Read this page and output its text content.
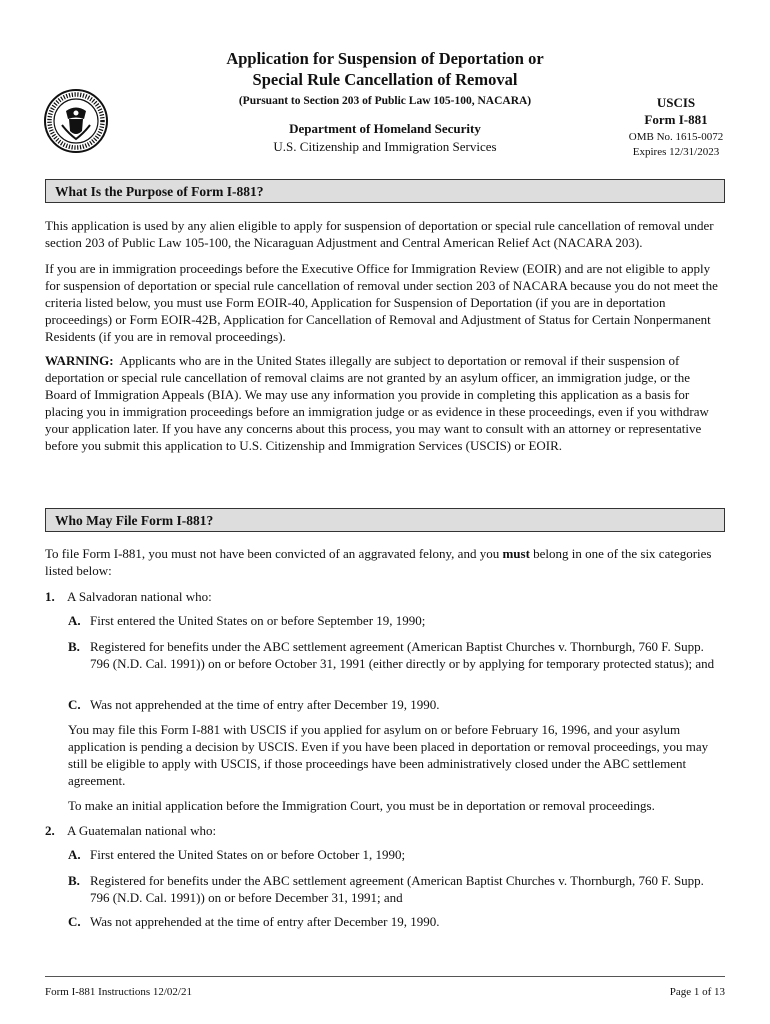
Application for Suspension of Deportation or
Special Rule Cancellation of Removal
(Pursuant to Section 203 of Public Law 105-100, NACARA)
Department of Homeland Security
U.S. Citizenship and Immigration Services
USCIS
Form I-881
OMB No. 1615-0072
Expires 12/31/2023
What Is the Purpose of Form I-881?

This application is used by any alien eligible to apply for suspension of deportation or special rule cancellation of removal under section 203 of Public Law 105-100, the Nicaraguan Adjustment and Central American Relief Act (NACARA 203).

If you are in immigration proceedings before the Executive Office for Immigration Review (EOIR) and are not eligible to apply for suspension of deportation or special rule cancellation of removal under section 203 of NACARA because you do not meet the criteria listed below, you must use Form EOIR-40, Application for Suspension of Deportation (if you are in deportation proceedings) or Form EOIR-42B, Application for Cancellation of Removal and Adjustment of Status for Certain Nonpermanent Residents (if you are in removal proceedings).

WARNING: Applicants who are in the United States illegally are subject to deportation or removal if their suspension of deportation or special rule cancellation of removal claims are not granted by an asylum officer, an immigration judge, or the Board of Immigration Appeals (BIA). We may use any information you provide in completing this application as a basis for placing you in immigration proceedings before an immigration judge or as evidence in these proceedings, even if you withdraw your application later. If you have any concerns about this process, you may want to consult with an attorney or representative before you submit this application to U.S. Citizenship and Immigration Services (USCIS) or EOIR.

Who May File Form I-881?

To file Form I-881, you must not have been convicted of an aggravated felony, and you must belong in one of the six categories listed below:

1. A Salvadoran national who:
A. First entered the United States on or before September 19, 1990;
B. Registered for benefits under the ABC settlement agreement (American Baptist Churches v. Thornburgh, 760 F. Supp. 796 (N.D. Cal. 1991)) on or before October 31, 1991 (either directly or by applying for temporary protected status); and
C. Was not apprehended at the time of entry after December 19, 1990.

You may file this Form I-881 with USCIS if you applied for asylum on or before February 16, 1996, and your asylum application is pending a decision by USCIS. Even if you have been placed in deportation or removal proceedings, you may still be eligible to apply with USCIS, if those proceedings have been administratively closed under the ABC settlement agreement.

To make an initial application before the Immigration Court, you must be in deportation or removal proceedings.

2. A Guatemalan national who:
A. First entered the United States on or before October 1, 1990;
B. Registered for benefits under the ABC settlement agreement (American Baptist Churches v. Thornburgh, 760 F. Supp. 796 (N.D. Cal. 1991)) on or before December 31, 1991; and
C. Was not apprehended at the time of entry after December 19, 1990.
Form I-881 Instructions 12/02/21	Page 1 of 13
